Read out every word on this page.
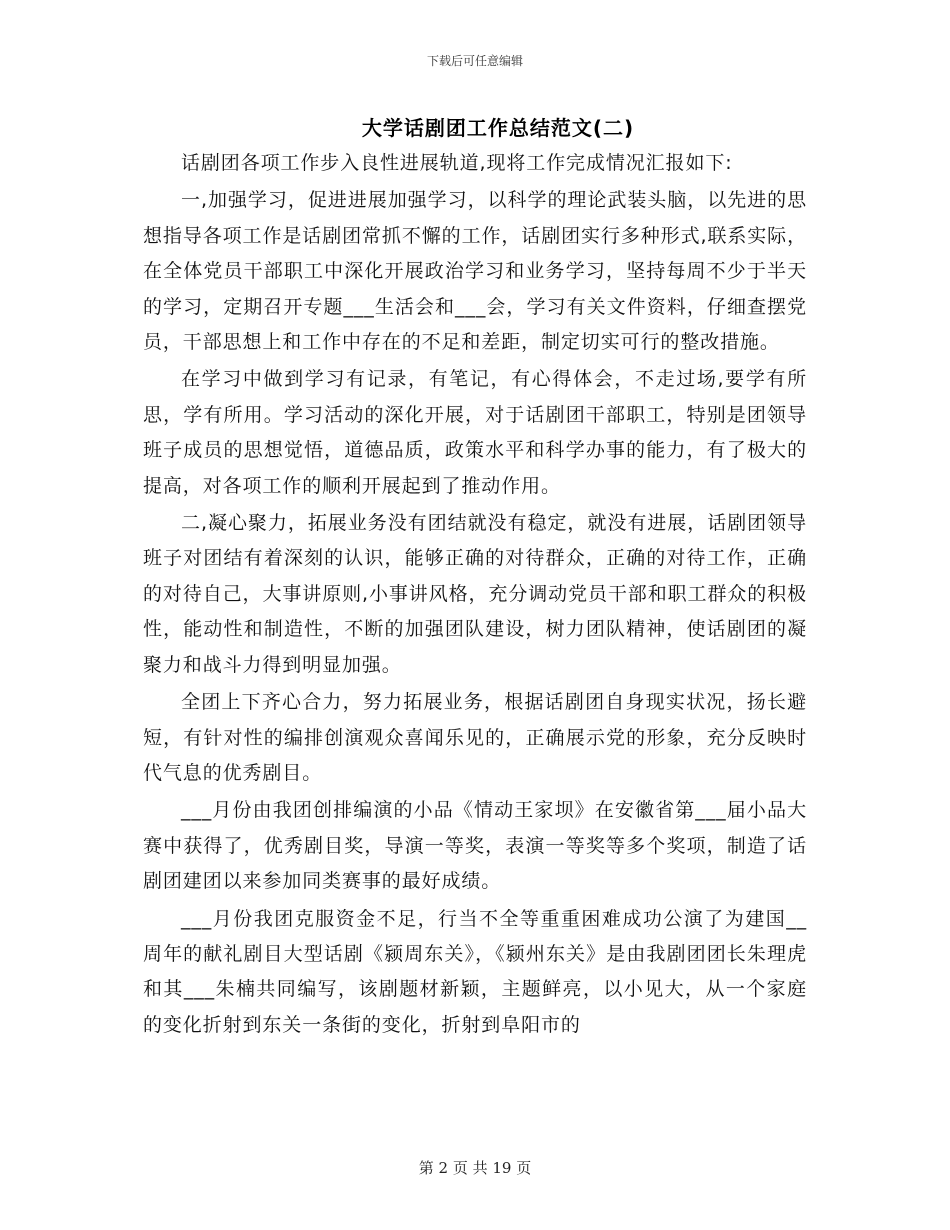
下载后可任意编辑
大学话剧团工作总结范文(二)

话剧团各项工作步入良性进展轨道,现将工作完成情况汇报如下:

一,加强学习，促进进展加强学习，以科学的理论武装头脑，以先进的思想指导各项工作是话剧团常抓不懈的工作，话剧团实行多种形式,联系实际，在全体党员干部职工中深化开展政治学习和业务学习，坚持每周不少于半天的学习，定期召开专题___生活会和___会，学习有关文件资料，仔细查摆党员，干部思想上和工作中存在的不足和差距，制定切实可行的整改措施。

在学习中做到学习有记录，有笔记，有心得体会，不走过场,要学有所思，学有所用。学习活动的深化开展，对于话剧团干部职工，特别是团领导班子成员的思想觉悟，道德品质，政策水平和科学办事的能力，有了极大的提高，对各项工作的顺利开展起到了推动作用。

二,凝心聚力，拓展业务没有团结就没有稳定，就没有进展，话剧团领导班子对团结有着深刻的认识，能够正确的对待群众，正确的对待工作，正确的对待自己，大事讲原则,小事讲风格，充分调动党员干部和职工群众的积极性，能动性和制造性，不断的加强团队建设，树力团队精神，使话剧团的凝聚力和战斗力得到明显加强。

全团上下齐心合力，努力拓展业务，根据话剧团自身现实状况，扬长避短，有针对性的编排创演观众喜闻乐见的，正确展示党的形象，充分反映时代气息的优秀剧目。

___月份由我团创排编演的小品《情动王家坝》在安徽省第___届小品大赛中获得了，优秀剧目奖，导演一等奖，表演一等奖等多个奖项，制造了话剧团建团以来参加同类赛事的最好成绩。

___月份我团克服资金不足，行当不全等重重困难成功公演了为建国__周年的献礼剧目大型话剧《颍周东关》，《颍州东关》是由我剧团团长朱理虎和其___朱楠共同编写，该剧题材新颖，主题鲜亮，以小见大，从一个家庭的变化折射到东关一条街的变化，折射到阜阳市的

第 2 页 共 19 页
